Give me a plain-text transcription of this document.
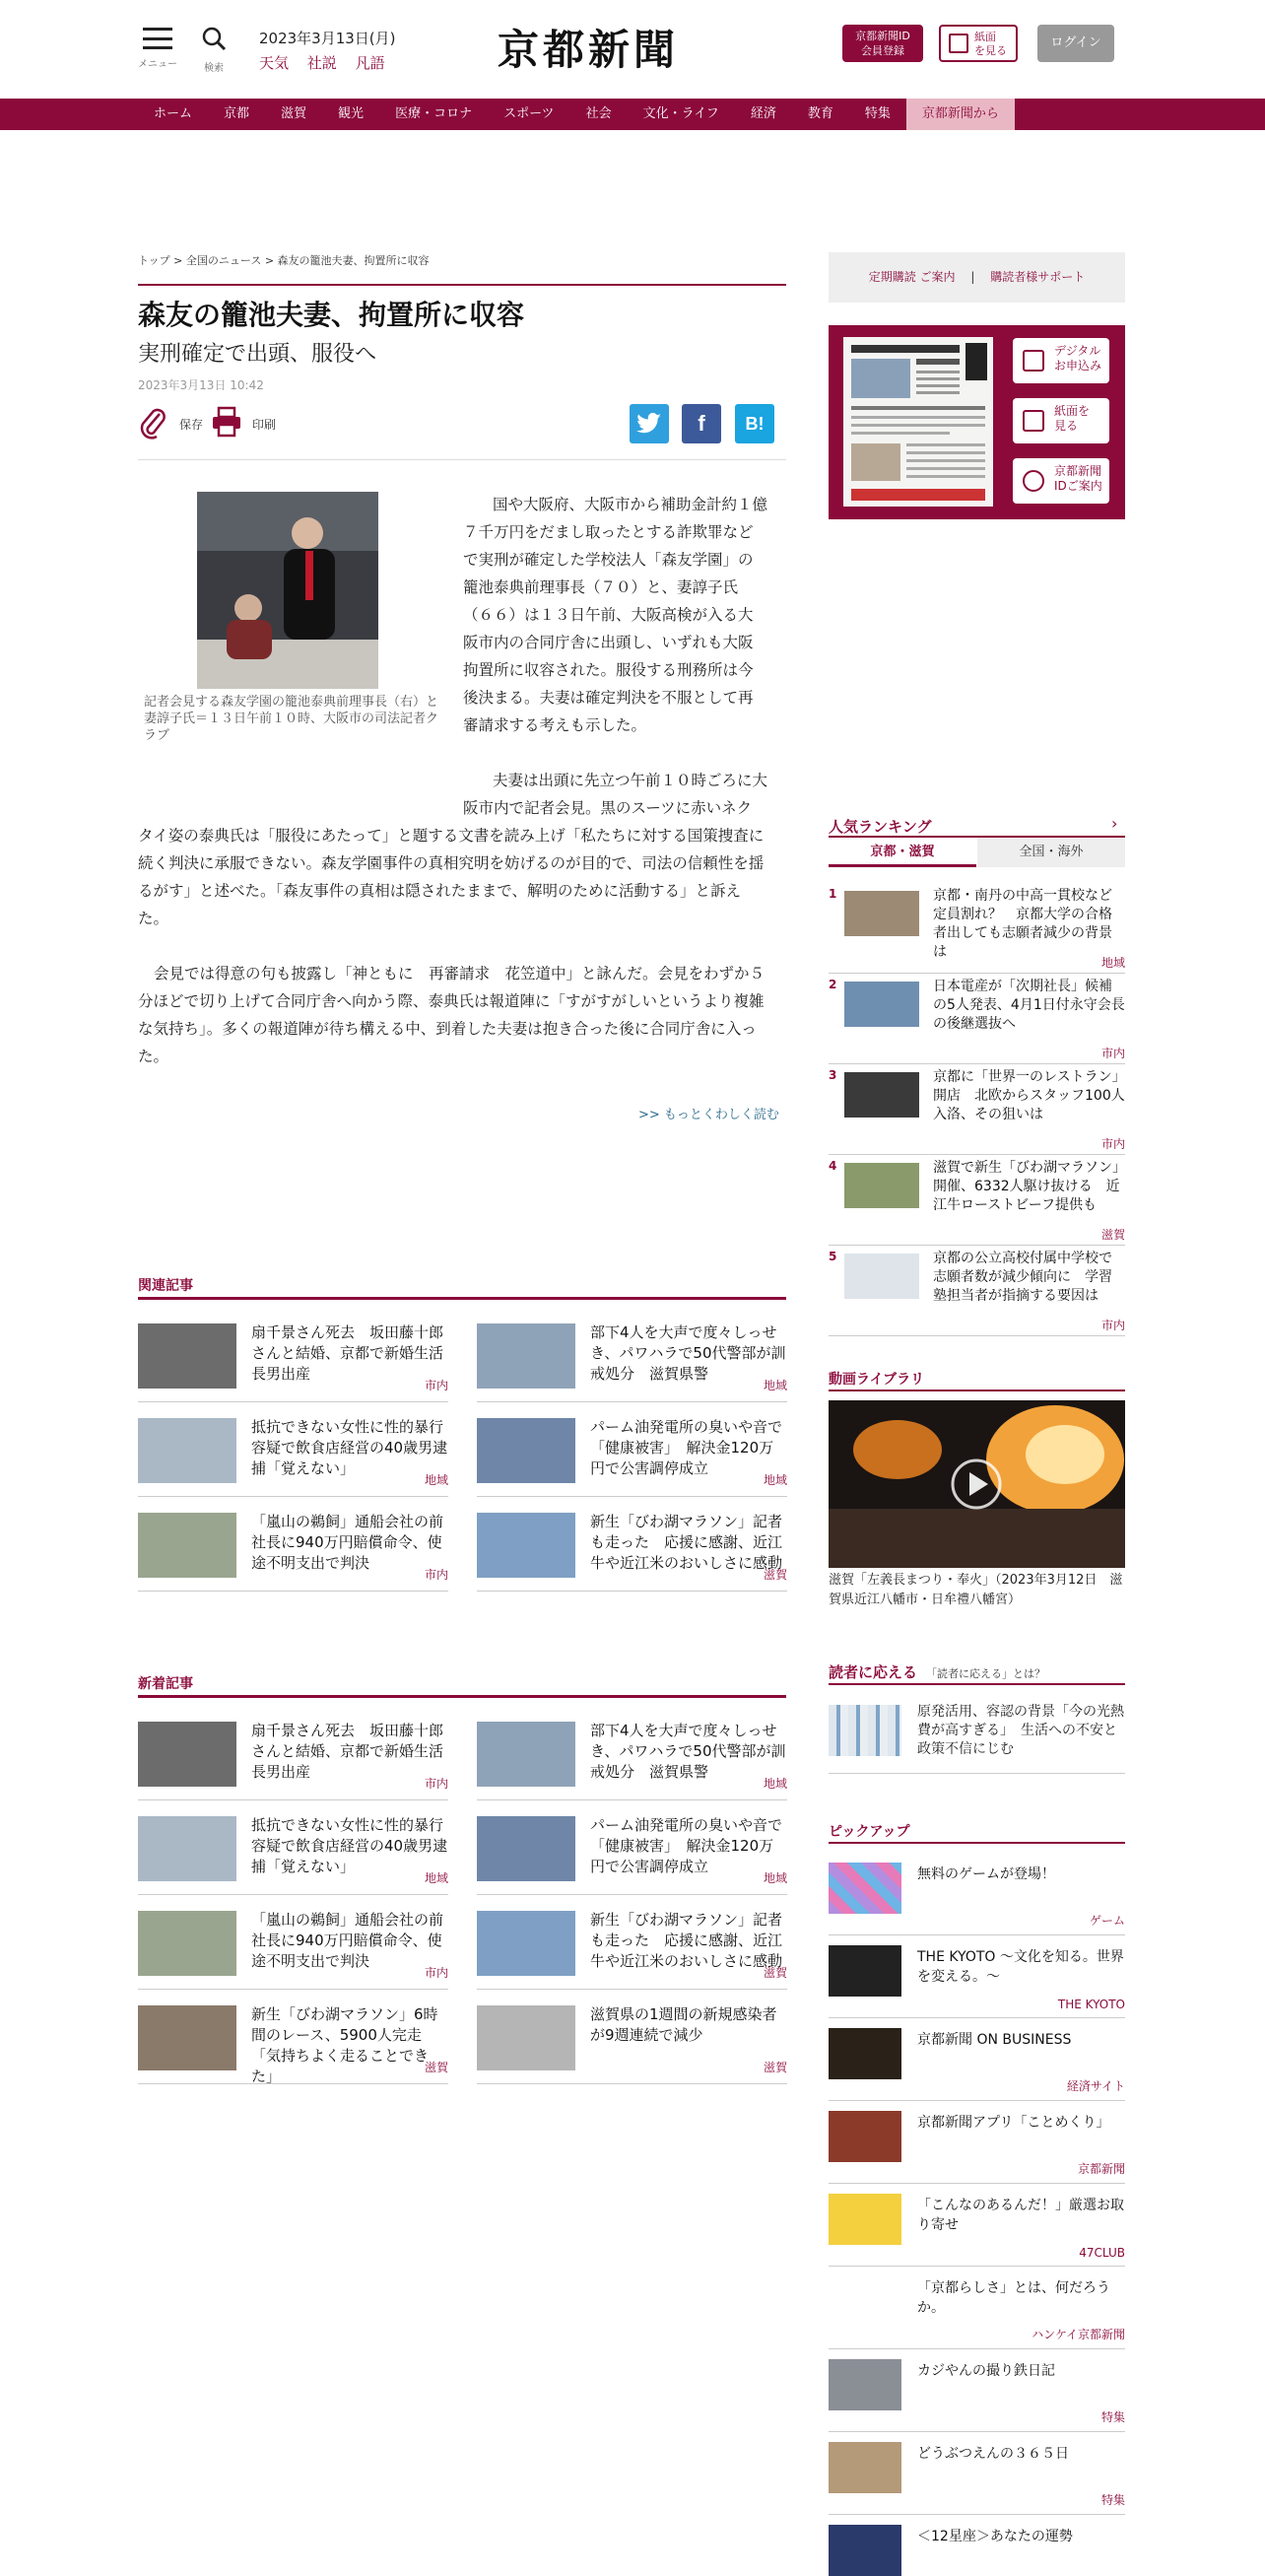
メニュー	検索
2023年3月13日(月)
天気 社説 凡語	京都新聞	京都新聞ID
会員登録
紙面
を見る
ログイン
ホーム	京都	滋賀	観光	医療・コロナ	スポーツ	社会	文化・ライフ	経済	教育	特集	京都新聞から
トップ > 全国のニュース > 森友の籠池夫妻、拘置所に収容
森友の籠池夫妻、拘置所に収容
実刑確定で出頭、服役へ
2023年3月13日 10:42
保存	印刷	f	B!
記者会見する森友学園の籠池泰典前理事長（右）と妻諄子氏＝１３日午前１０時、大阪市の司法記者クラブ
国や大阪府、大阪市から補助金計約１億
７千万円をだまし取ったとする詐欺罪など
で実刑が確定した学校法人「森友学園」の
籠池泰典前理事長（７０）と、妻諄子氏
（６６）は１３日午前、大阪高検が入る大
阪市内の合同庁舎に出頭し、いずれも大阪
拘置所に収容された。服役する刑務所は今
後決まる。夫妻は確定判決を不服として再
審請求する考えも示した。
夫妻は出頭に先立つ午前１０時ごろに大
阪市内で記者会見。黒のスーツに赤いネク
タイ姿の泰典氏は「服役にあたって」と題する文書を読み上げ「私たちに対する国策捜査に
続く判決に承服できない。森友学園事件の真相究明を妨げるのが目的で、司法の信頼性を揺
るがす」と述べた。「森友事件の真相は隠されたままで、解明のために活動する」と訴え
た。
会見では得意の句も披露し「神ともに　再審請求　花笠道中」と詠んだ。会見をわずか５
分ほどで切り上げて合同庁舎へ向かう際、泰典氏は報道陣に「すがすがしいというより複雑
な気持ち」。多くの報道陣が待ち構える中、到着した夫妻は抱き合った後に合同庁舎に入っ
た。
>> もっとくわしく読む
関連記事
扇千景さん死去　坂田藤十郎さんと結婚、京都で新婚生活　長男出産
市内
部下4人を大声で度々しっせき、パワハラで50代警部が訓戒処分　滋賀県警
地域
抵抗できない女性に性的暴行　容疑で飲食店経営の40歳男逮捕「覚えない」
地域
パーム油発電所の臭いや音で「健康被害」　解決金120万円で公害調停成立
地域
「嵐山の鵜飼」通船会社の前社長に940万円賠償命令、使途不明支出で判決
市内
新生「びわ湖マラソン」記者も走った　応援に感謝、近江牛や近江米のおいしさに感動
滋賀
新着記事
扇千景さん死去　坂田藤十郎さんと結婚、京都で新婚生活　長男出産
市内
部下4人を大声で度々しっせき、パワハラで50代警部が訓戒処分　滋賀県警
地域
抵抗できない女性に性的暴行　容疑で飲食店経営の40歳男逮捕「覚えない」
地域
パーム油発電所の臭いや音で「健康被害」　解決金120万円で公害調停成立
地域
「嵐山の鵜飼」通船会社の前社長に940万円賠償命令、使途不明支出で判決
市内
新生「びわ湖マラソン」記者も走った　応援に感謝、近江牛や近江米のおいしさに感動
滋賀
新生「びわ湖マラソン」6時間のレース、5900人完走「気持ちよく走ることできた」	滋賀
滋賀県の1週間の新規感染者が9週連続で減少
滋賀
定期購読 ご案内 | 購読者様サポート
デジタル
お申込み
紙面を
見る
京都新聞
IDご案内
人気ランキング	›
京都・滋賀	全国・海外
1	京都・南丹の中高一貫校など定員割れ？　京都大学の合格者出しても志願者減少の背景は
地域
2	日本電産が「次期社長」候補の5人発表、4月1日付永守会長の後継選抜へ
市内
3	京都に「世界一のレストラン」開店　北欧からスタッフ100人入洛、その狙いは
市内
4	滋賀で新生「びわ湖マラソン」開催、6332人駆け抜ける　近江牛ローストビーフ提供も
滋賀
5	京都の公立高校付属中学校で志願者数が減少傾向に　学習塾担当者が指摘する要因は
市内
動画ライブラリ
滋賀「左義長まつり・奉火」（2023年3月12日　滋賀県近江八幡市・日牟禮八幡宮）
読者に応える 「読者に応える」とは？
原発活用、容認の背景「今の光熱費が高すぎる」　生活への不安と政策不信にじむ
ピックアップ
無料のゲームが登場！
ゲーム
THE KYOTO ～文化を知る。世界を変える。～
THE KYOTO
京都新聞 ON BUSINESS
経済サイト
京都新聞アプリ「ことめくり」
京都新聞
「こんなのあるんだ！」厳選お取り寄せ
47CLUB
「京都らしさ」とは、何だろうか。
ハンケイ京都新聞
カジやんの撮り鉄日記
特集
どうぶつえんの３６５日
特集
＜12星座＞あなたの運勢
